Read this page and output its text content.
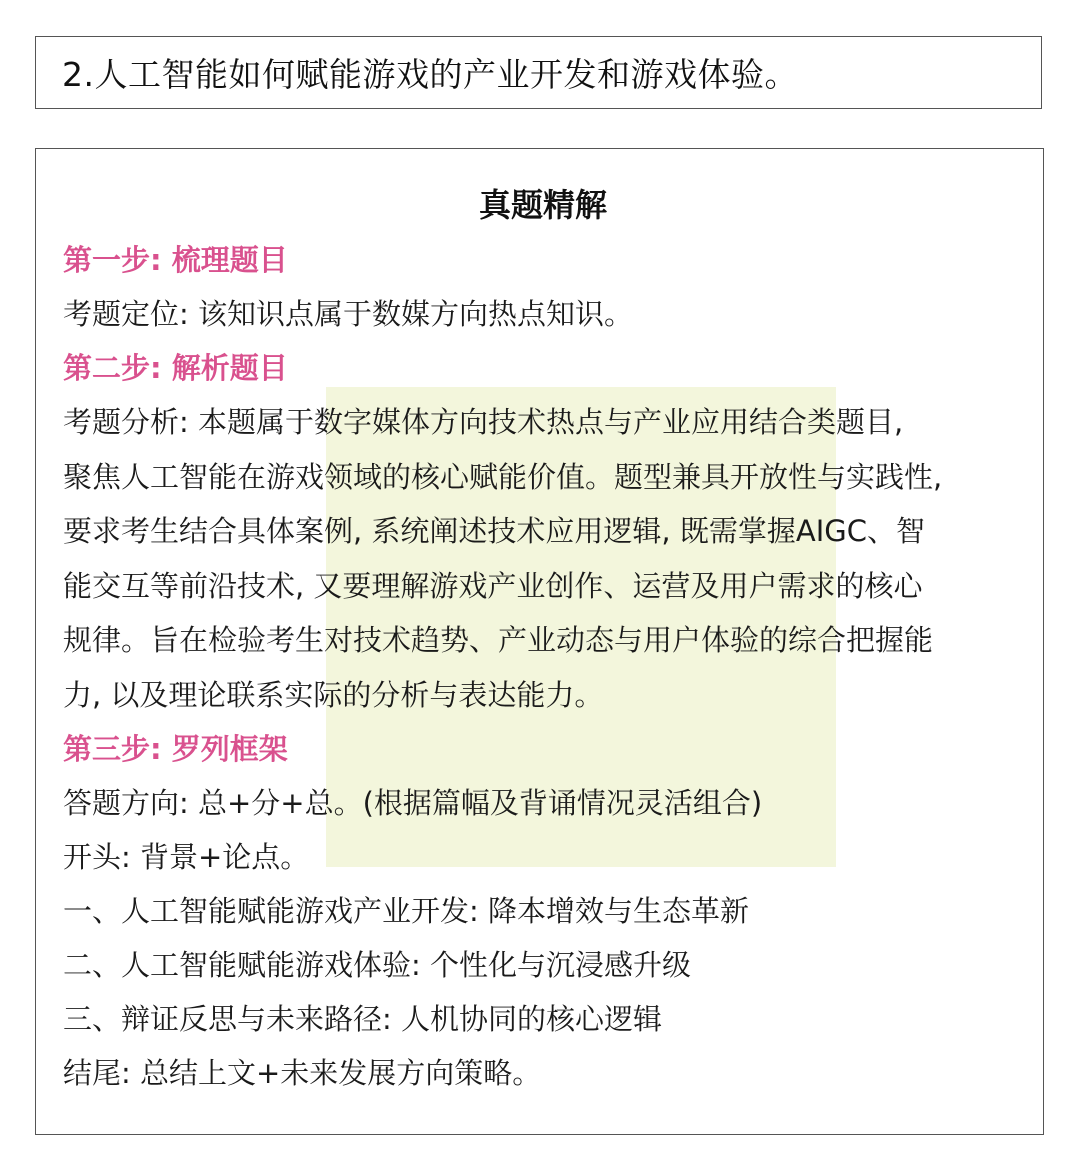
2.人工智能如何赋能游戏的产业开发和游戏体验。
真题精解
第一步: 梳理题目
考题定位: 该知识点属于数媒方向热点知识。
第二步: 解析题目
考题分析: 本题属于数字媒体方向技术热点与产业应用结合类题目,
聚焦人工智能在游戏领域的核心赋能价值。题型兼具开放性与实践性,
要求考生结合具体案例, 系统阐述技术应用逻辑, 既需掌握AIGC、智
能交互等前沿技术, 又要理解游戏产业创作、运营及用户需求的核心
规律。旨在检验考生对技术趋势、产业动态与用户体验的综合把握能
力, 以及理论联系实际的分析与表达能力。
第三步: 罗列框架
答题方向: 总+分+总。(根据篇幅及背诵情况灵活组合)
开头: 背景+论点。
一、人工智能赋能游戏产业开发: 降本增效与生态革新
二、人工智能赋能游戏体验: 个性化与沉浸感升级
三、辩证反思与未来路径: 人机协同的核心逻辑
结尾: 总结上文+未来发展方向策略。
